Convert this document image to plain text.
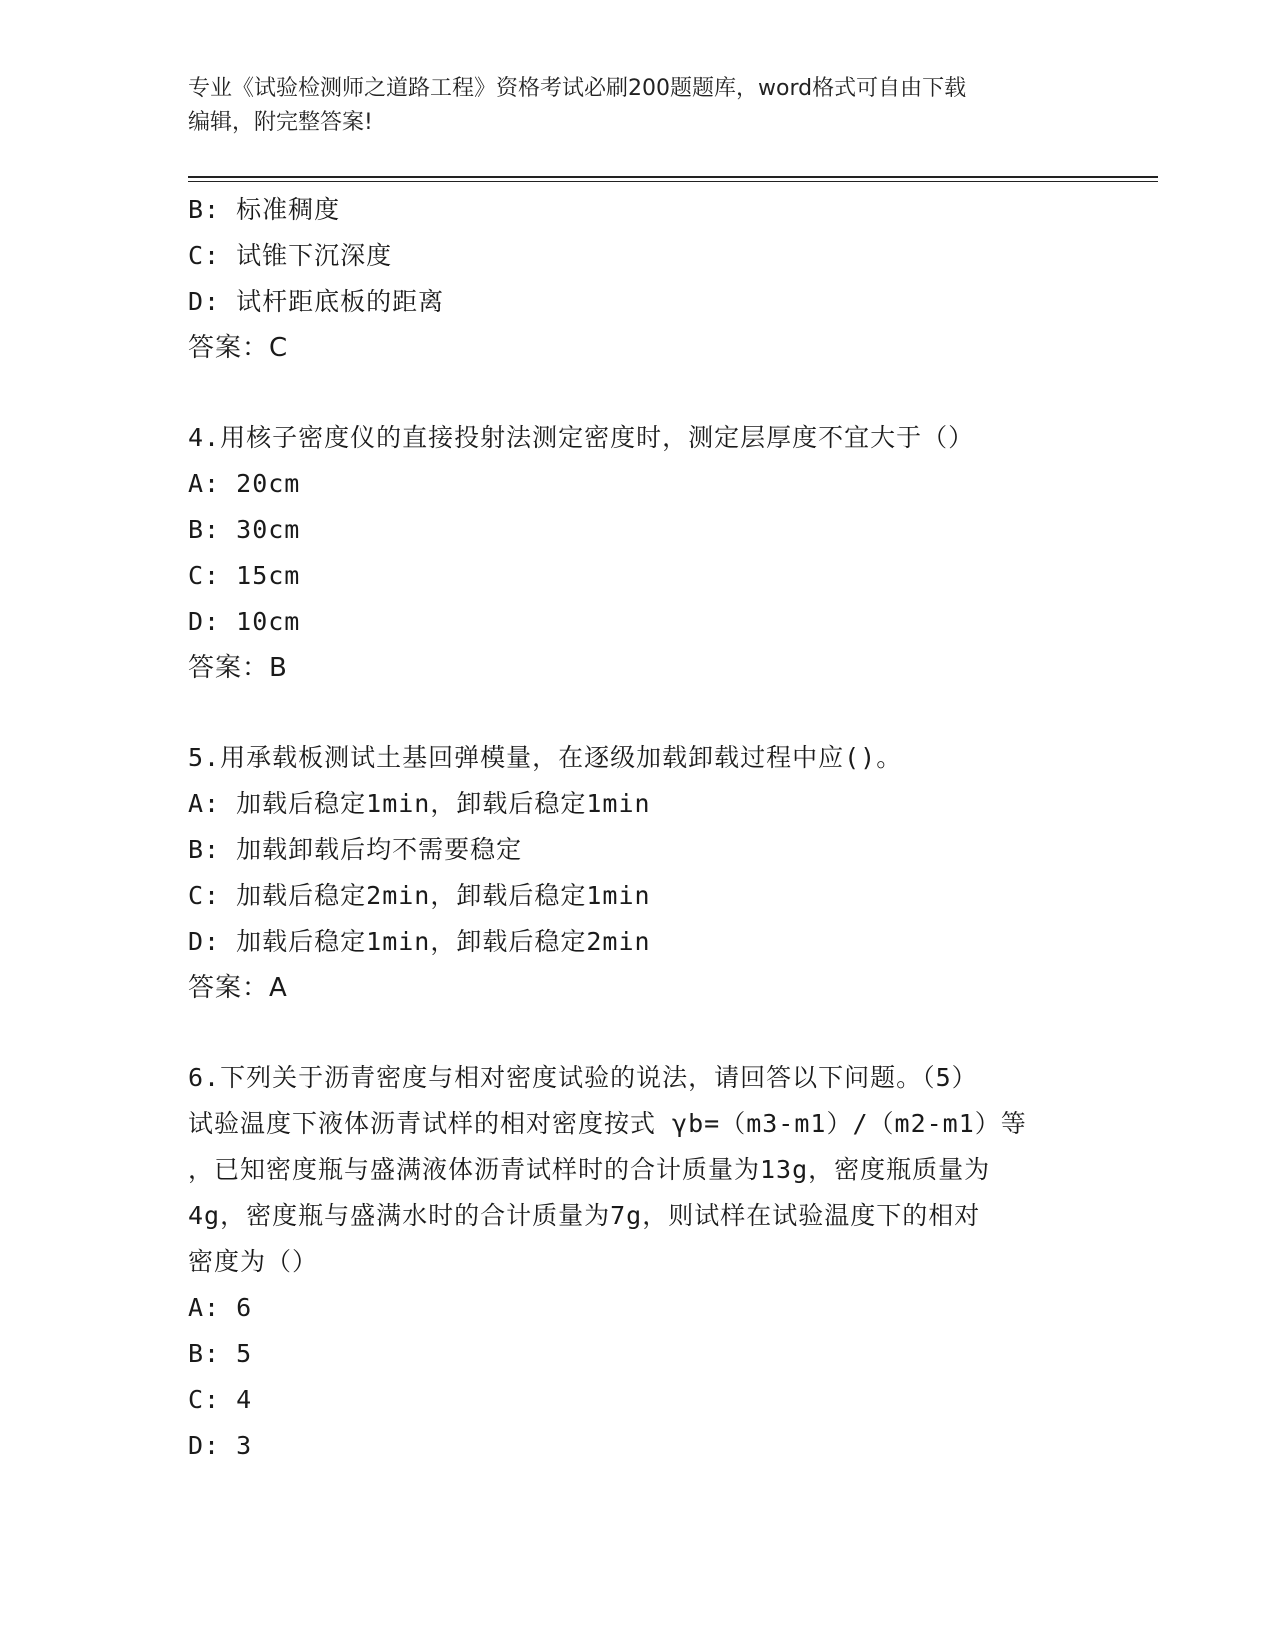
专业《试验检测师之道路工程》资格考试必刷200题题库，word格式可自由下载
编辑，附完整答案!
B: 标准稠度
C: 试锥下沉深度
D: 试杆距底板的距离
答案：C
4.用核子密度仪的直接投射法测定密度时，测定层厚度不宜大于（）
A: 20cm
B: 30cm
C: 15cm
D: 10cm
答案：B
5.用承载板测试土基回弹模量，在逐级加载卸载过程中应()。
A: 加载后稳定1min，卸载后稳定1min
B: 加载卸载后均不需要稳定
C: 加载后稳定2min，卸载后稳定1min
D: 加载后稳定1min，卸载后稳定2min
答案：A
6.下列关于沥青密度与相对密度试验的说法，请回答以下问题。（5）
试验温度下液体沥青试样的相对密度按式 γb=（m3-m1）/（m2-m1）等
，已知密度瓶与盛满液体沥青试样时的合计质量为13g，密度瓶质量为
4g，密度瓶与盛满水时的合计质量为7g，则试样在试验温度下的相对
密度为（）
A: 6
B: 5
C: 4
D: 3
